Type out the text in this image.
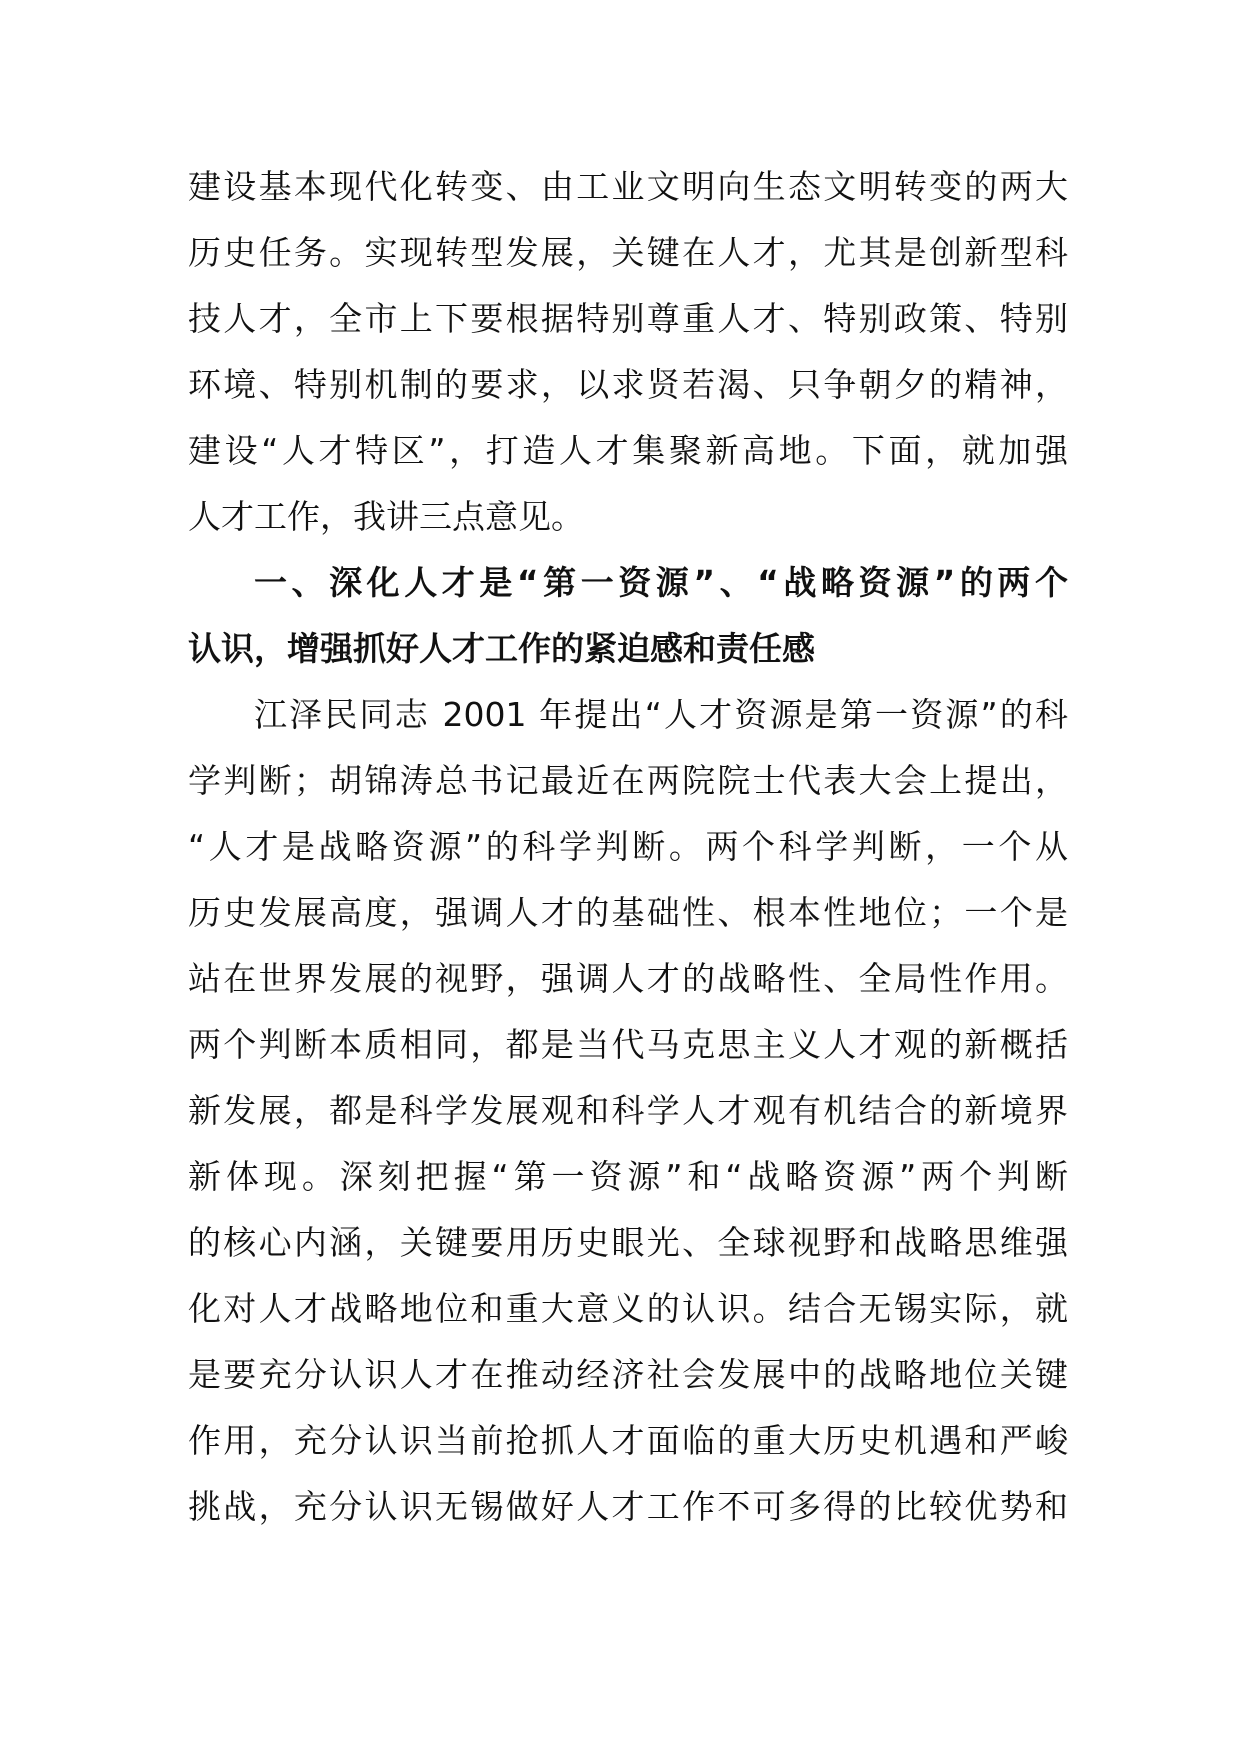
建设基本现代化转变、由工业文明向生态文明转变的两大
历史任务。实现转型发展，关键在人才，尤其是创新型科
技人才，全市上下要根据特别尊重人才、特别政策、特别
环境、特别机制的要求，以求贤若渴、只争朝夕的精神，
建设“人才特区”，打造人才集聚新高地。下面，就加强
人才工作，我讲三点意见。
一、深化人才是“第一资源”、“战略资源”的两个
认识，增强抓好人才工作的紧迫感和责任感
江泽民同志 2001 年提出“人才资源是第一资源”的科
学判断；胡锦涛总书记最近在两院院士代表大会上提出，
“人才是战略资源”的科学判断。两个科学判断，一个从
历史发展高度，强调人才的基础性、根本性地位；一个是
站在世界发展的视野，强调人才的战略性、全局性作用。
两个判断本质相同，都是当代马克思主义人才观的新概括
新发展，都是科学发展观和科学人才观有机结合的新境界
新体现。深刻把握“第一资源”和“战略资源”两个判断
的核心内涵，关键要用历史眼光、全球视野和战略思维强
化对人才战略地位和重大意义的认识。结合无锡实际，就
是要充分认识人才在推动经济社会发展中的战略地位关键
作用，充分认识当前抢抓人才面临的重大历史机遇和严峻
挑战，充分认识无锡做好人才工作不可多得的比较优势和
